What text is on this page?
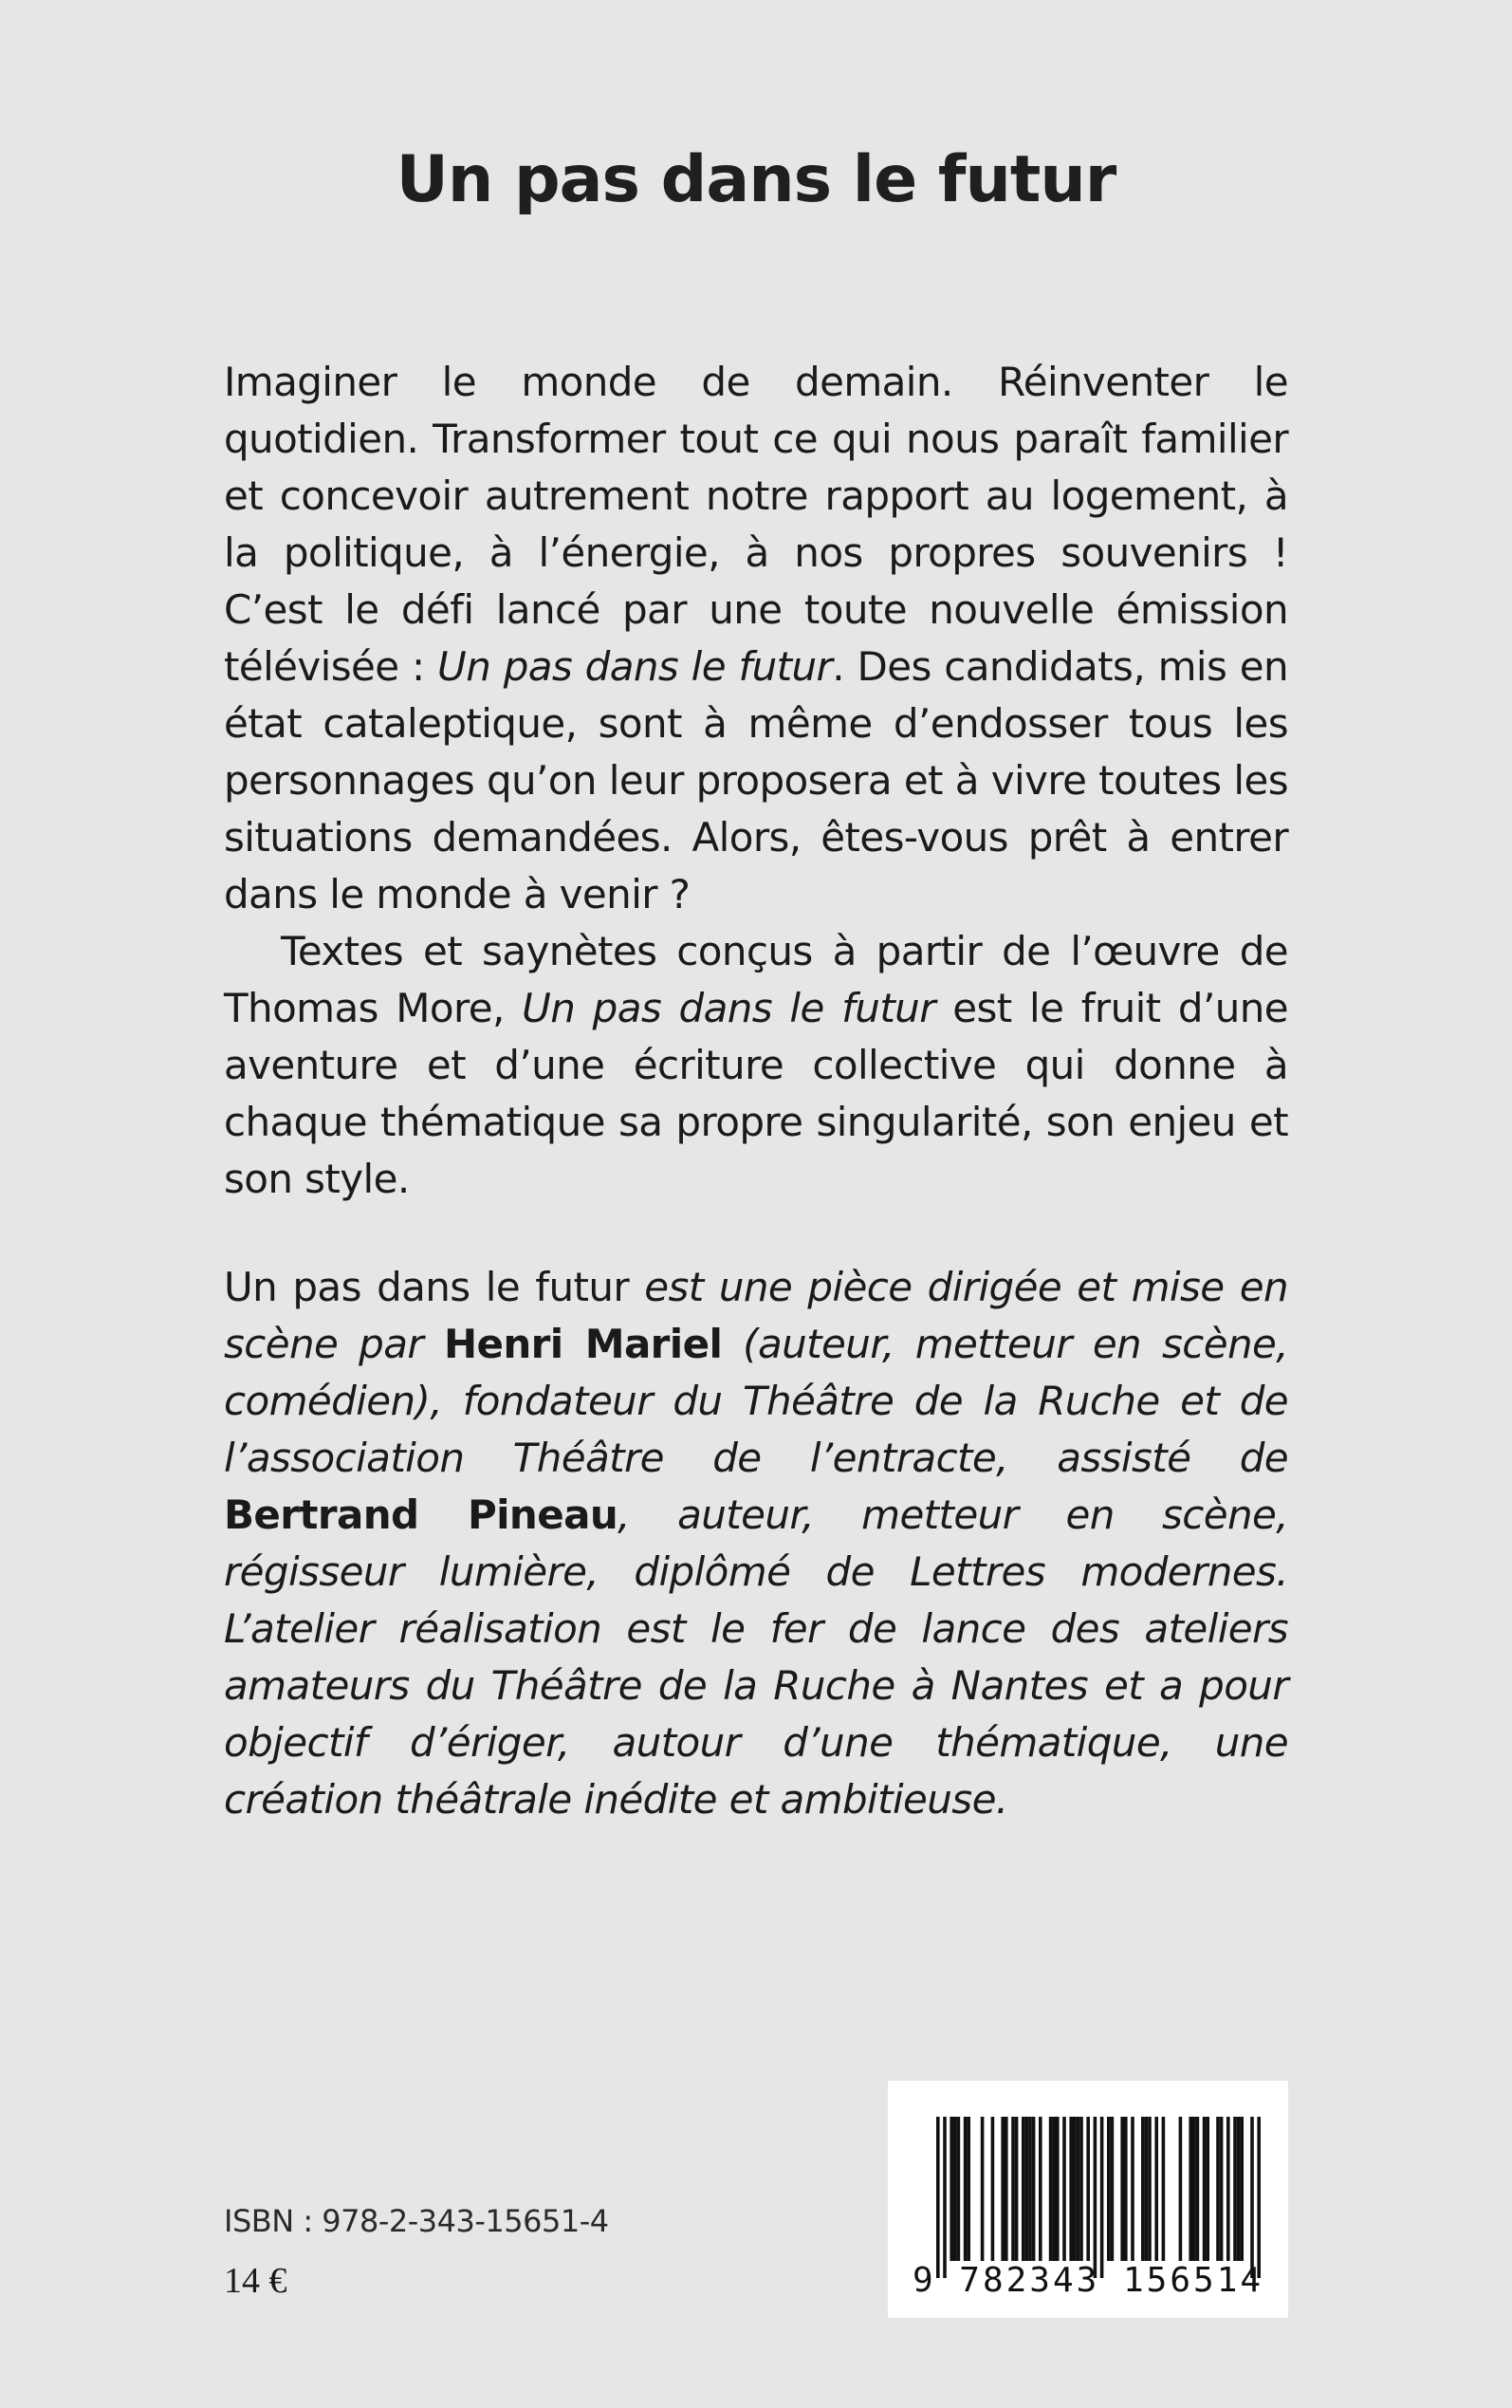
Un pas dans le futur

Imaginer le monde de demain. Réinventer le quotidien. Transformer tout ce qui nous paraît familier et concevoir autrement notre rapport au logement, à la politique, à l’énergie, à nos propres souvenirs ! C’est le défi lancé par une toute nouvelle émission télévisée : Un pas dans le futur. Des candidats, mis en état cataleptique, sont à même d’endosser tous les personnages qu’on leur proposera et à vivre toutes les situations demandées. Alors, êtes-vous prêt à entrer dans le monde à venir ?

Textes et saynètes conçus à partir de l’œuvre de Thomas More, Un pas dans le futur est le fruit d’une aventure et d’une écriture collective qui donne à chaque thématique sa propre singularité, son enjeu et son style.

Un pas dans le futur est une pièce dirigée et mise en scène par Henri Mariel (auteur, metteur en scène, comédien), fondateur du Théâtre de la Ruche et de l’association Théâtre de l’entracte, assisté de Bertrand Pineau, auteur, metteur en scène, régisseur lumière, diplômé de Lettres modernes. L’atelier réalisation est le fer de lance des ateliers amateurs du Théâtre de la Ruche à Nantes et a pour objectif d’ériger, autour d’une thématique, une création théâtrale inédite et ambitieuse.

ISBN : 978-2-343-15651-4
14 €	9 782343 156514
